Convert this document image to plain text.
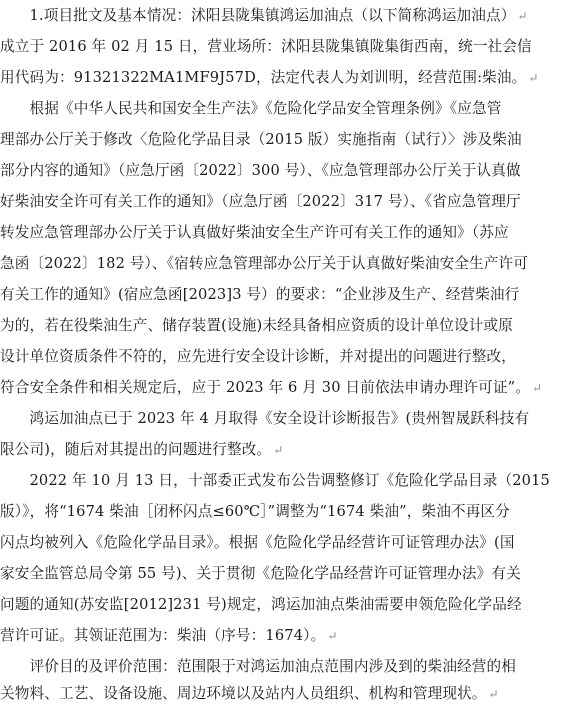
　　1.项目批文及基本情况：沭阳县陇集镇鸿运加油点（以下简称鸿运加油点） ↵
成立于 2016 年 02 月 15 日，营业场所：沭阳县陇集镇陇集街西南，统一社会信
用代码为：91321322MA1MF9J57D，法定代表人为刘训明，经营范围:柴油。 ↵
　　根据《中华人民共和国安全生产法》《危险化学品安全管理条例》《应急管
理部办公厅关于修改〈危险化学品目录（2015 版）实施指南（试行）〉涉及柴油
部分内容的通知》（应急厅函〔2022〕300 号）、《应急管理部办公厅关于认真做
好柴油安全许可有关工作的通知》（应急厅函〔2022〕317 号）、《省应急管理厅
转发应急管理部办公厅关于认真做好柴油安全生产许可有关工作的通知》（苏应
急函〔2022〕182 号）、《宿转应急管理部办公厅关于认真做好柴油安全生产许可
有关工作的通知》(宿应急函[2023]3 号）的要求：“企业涉及生产、经营柴油行
为的，若在役柴油生产、储存装置(设施)未经具备相应资质的设计单位设计或原
设计单位资质条件不符的，应先进行安全设计诊断，并对提出的问题进行整改，
符合安全条件和相关规定后，应于 2023 年 6 月 30 日前依法申请办理许可证”。 ↵
　　鸿运加油点已于 2023 年 4 月取得《安全设计诊断报告》(贵州智晟跃科技有
限公司)，随后对其提出的问题进行整改。 ↵
　　2022 年 10 月 13 日，十部委正式发布公告调整修订《危险化学品目录（2015
版）》，将“1674 柴油［闭杯闪点≤60℃］”调整为“1674 柴油”，柴油不再区分
闪点均被列入《危险化学品目录》。根据《危险化学品经营许可证管理办法》(国
家安全监管总局令第 55 号)、关于贯彻《危险化学品经营许可证管理办法》有关
问题的通知(苏安监[2012]231 号)规定，鸿运加油点柴油需要申领危险化学品经
营许可证。其领证范围为：柴油（序号：1674）。 ↵
　　评价目的及评价范围：范围限于对鸿运加油点范围内涉及到的柴油经营的相
关物料、工艺、设备设施、周边环境以及站内人员组织、机构和管理现状。 ↵
